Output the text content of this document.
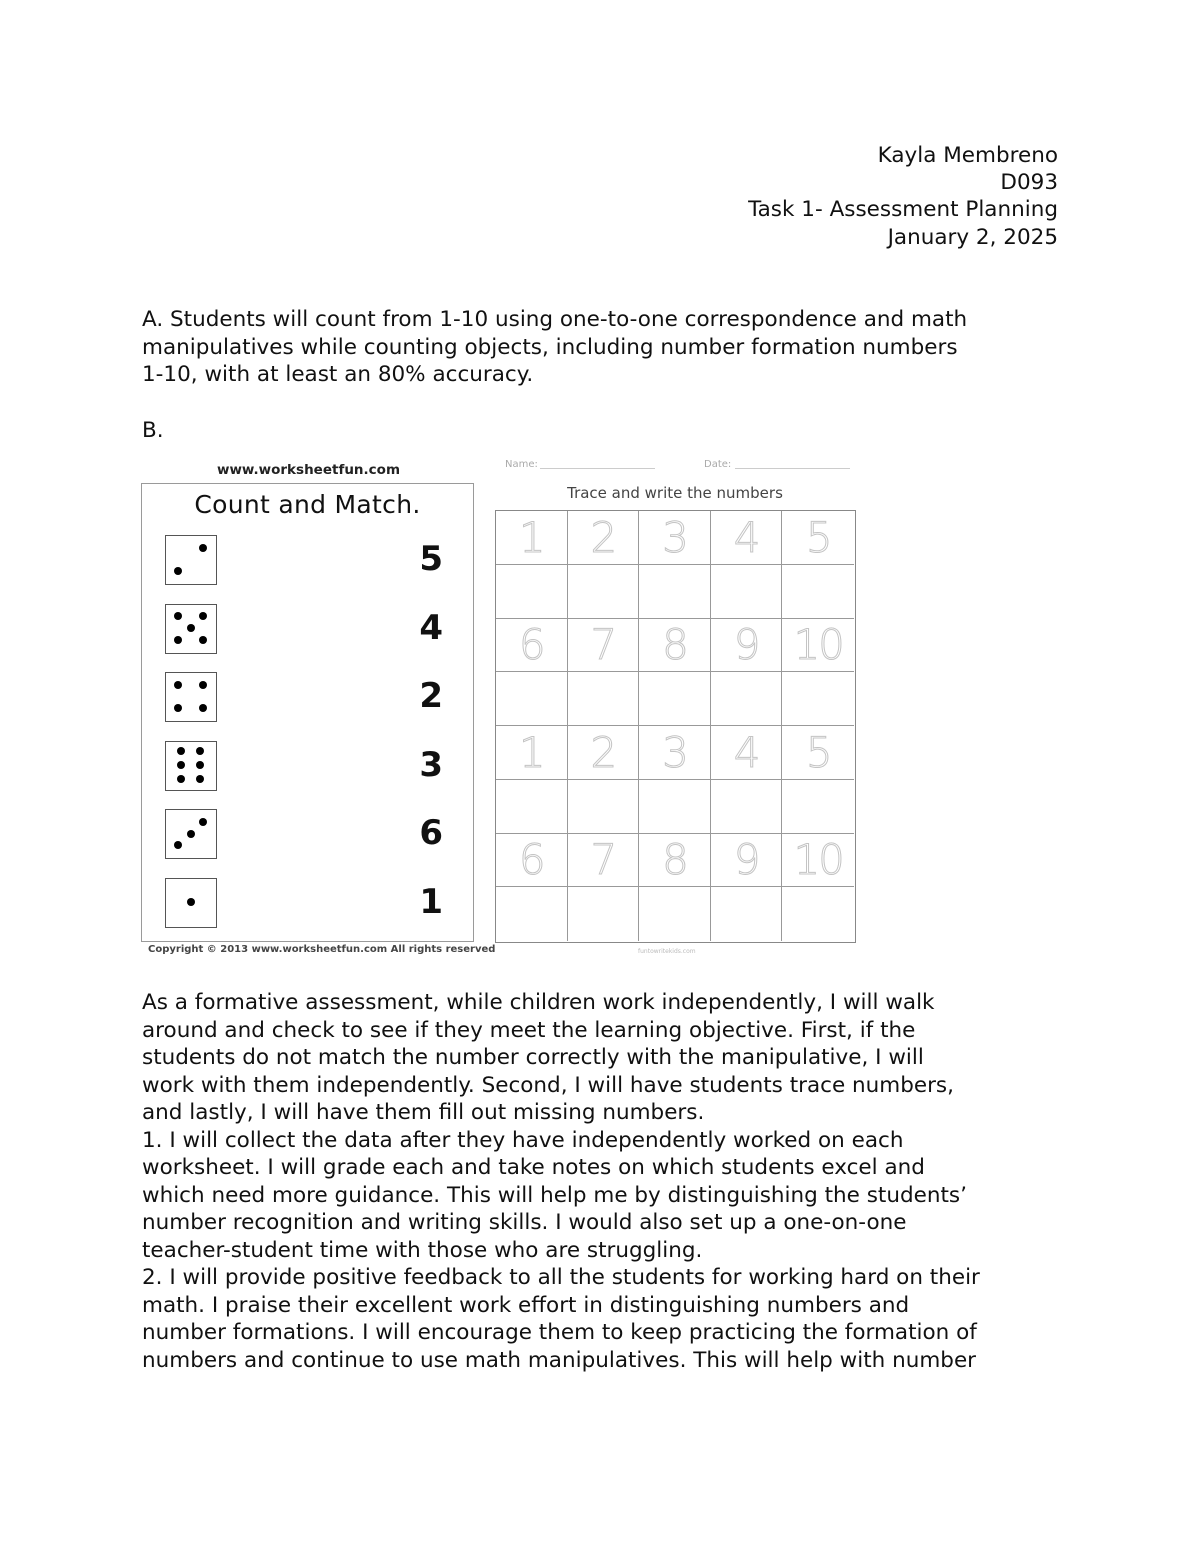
Kayla Membreno
D093
Task 1- Assessment Planning
January 2, 2025
A. Students will count from 1-10 using one-to-one correspondence and math
manipulatives while counting objects, including number formation numbers
1-10, with at least an 80% accuracy.
B.
www.worksheetfun.com
Count and Match.
5
4
2
3
6
1
Copyright © 2013 www.worksheetfun.com All rights reserved
Name:	Date:
Trace and write the numbers
1 2 3 4 5
6 7 8 9 10
1 2 3 4 5
6 7 8 9 10
funtowritekids.com
As a formative assessment, while children work independently, I will walk
around and check to see if they meet the learning objective. First, if the
students do not match the number correctly with the manipulative, I will
work with them independently. Second, I will have students trace numbers,
and lastly, I will have them fill out missing numbers.
1. I will collect the data after they have independently worked on each
worksheet. I will grade each and take notes on which students excel and
which need more guidance. This will help me by distinguishing the students’
number recognition and writing skills. I would also set up a one-on-one
teacher-student time with those who are struggling.
2. I will provide positive feedback to all the students for working hard on their
math. I praise their excellent work effort in distinguishing numbers and
number formations. I will encourage them to keep practicing the formation of
numbers and continue to use math manipulatives. This will help with number
